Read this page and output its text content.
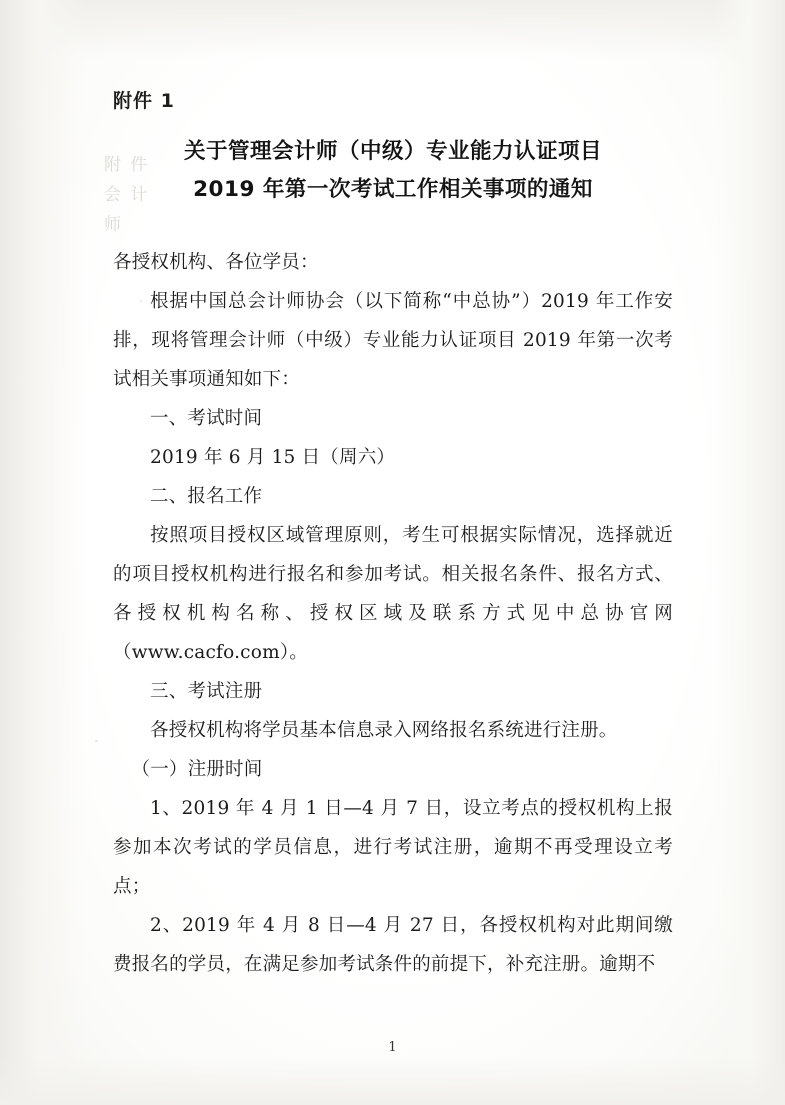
附 件 会 计 师
附件 1
关于管理会计师（中级）专业能力认证项目
2019 年第一次考试工作相关事项的通知

各授权机构、各位学员：

根据中国总会计师协会（以下简称“中总协”）2019 年工作安排，现将管理会计师（中级）专业能力认证项目 2019 年第一次考试相关事项通知如下：

一、考试时间

2019 年 6 月 15 日（周六）

二、报名工作

按照项目授权区域管理原则，考生可根据实际情况，选择就近的项目授权机构进行报名和参加考试。相关报名条件、报名方式、各授权机构名称、授权区域及联系方式见中总协官网（www.cacfo.com）。

三、考试注册

各授权机构将学员基本信息录入网络报名系统进行注册。

（一）注册时间

1、2019 年 4 月 1 日—4 月 7 日，设立考点的授权机构上报参加本次考试的学员信息，进行考试注册，逾期不再受理设立考点；

2、2019 年 4 月 8 日—4 月 27 日，各授权机构对此期间缴费报名的学员，在满足参加考试条件的前提下，补充注册。逾期不

1
